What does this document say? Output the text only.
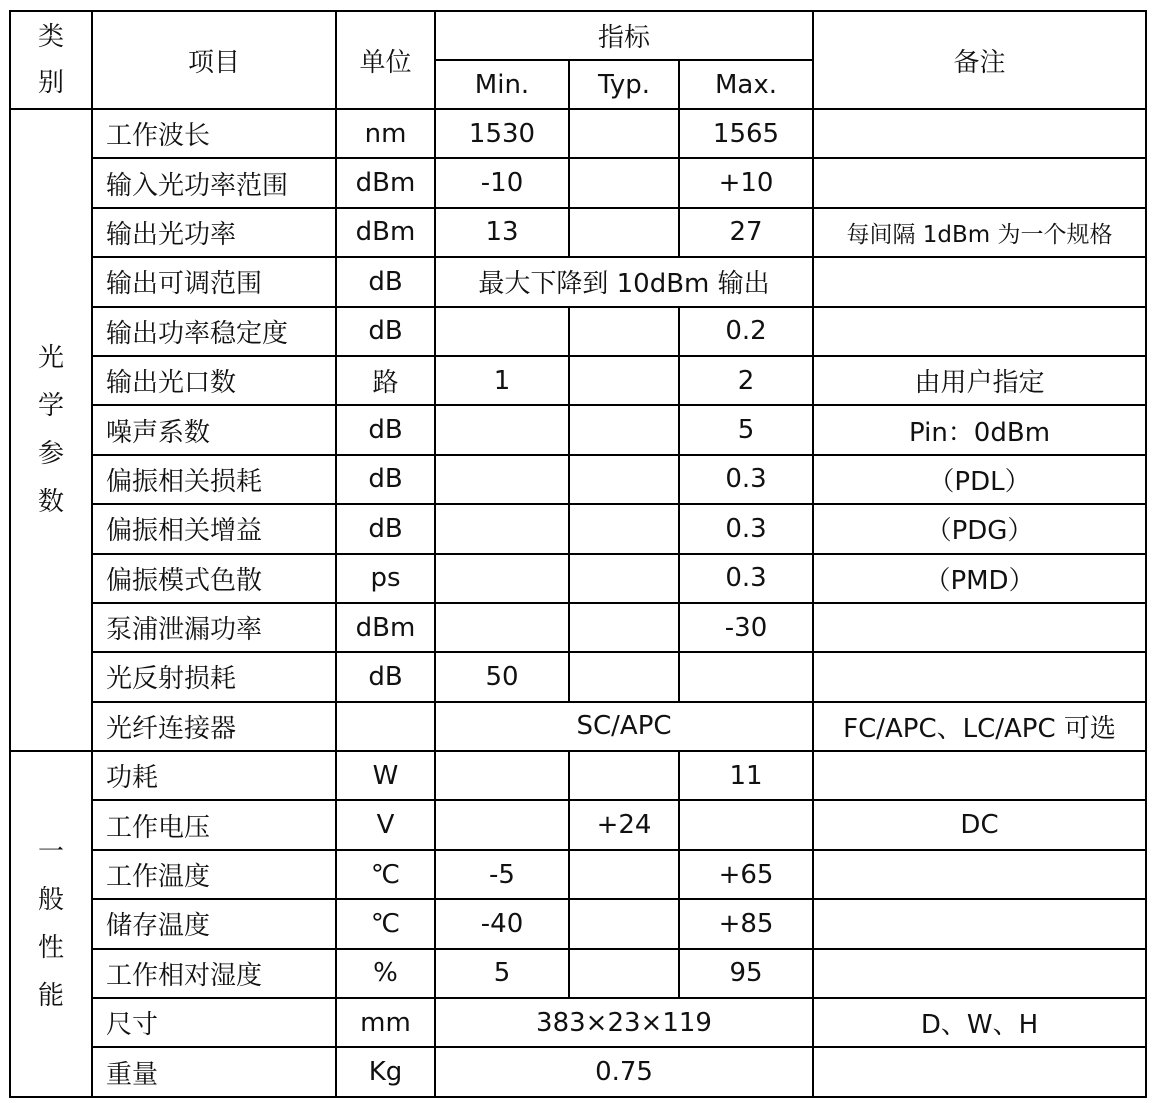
类别	项目	单位	指标			备注
			Min.	Typ.	Max.	
光学参数	工作波长	nm	1530		1565	
	输入光功率范围	dBm	-10		+10	
	输出光功率	dBm	13		27	每间隔 1dBm 为一个规格
	输出可调范围	dB	最大下降到 10dBm 输出			
	输出功率稳定度	dB			0.2	
	输出光口数	路	1		2	由用户指定
	噪声系数	dB			5	Pin：0dBm
	偏振相关损耗	dB			0.3	（PDL）
	偏振相关增益	dB			0.3	（PDG）
	偏振模式色散	ps			0.3	（PMD）
	泵浦泄漏功率	dBm			-30	
	光反射损耗	dB	50			
	光纤连接器		SC/APC			FC/APC、LC/APC 可选
一般性能	功耗	W			11	
	工作电压	V		+24		DC
	工作温度	℃	-5		+65	
	储存温度	℃	-40		+85	
	工作相对湿度	%	5		95	
	尺寸	mm	383×23×119			D、W、H
	重量	Kg	0.75			
